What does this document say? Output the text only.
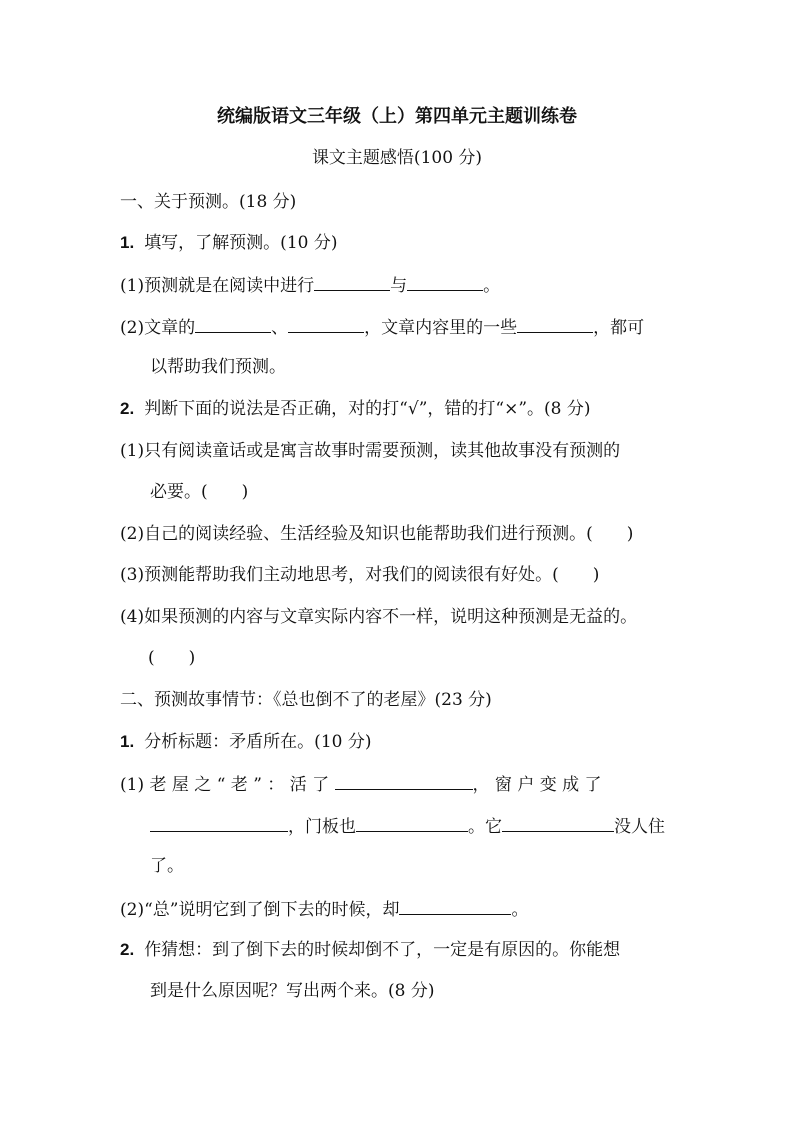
统编版语文三年级（上）第四单元主题训练卷
课文主题感悟(100 分)
一、关于预测。(18 分)
1. 填写，了解预测。(10 分)
(1)预测就是在阅读中进行	与	。
(2)文章的	、	，文章内容里的一些	，都可
以帮助我们预测。
2. 判断下面的说法是否正确，对的打“√”，错的打“×”。(8 分)
(1)只有阅读童话或是寓言故事时需要预测，读其他故事没有预测的
必要。(　　)
(2)自己的阅读经验、生活经验及知识也能帮助我们进行预测。(　　)
(3)预测能帮助我们主动地思考，对我们的阅读很有好处。(　　)
(4)如果预测的内容与文章实际内容不一样，说明这种预测是无益的。
(　　)
二、预测故事情节：《总也倒不了的老屋》(23 分)
1. 分析标题：矛盾所在。(10 分)
(1) 老 屋 之 “ 老 ” ： 活 了	， 窗 户 变 成 了
，门板也	。它	没人住
了。
(2)“总”说明它到了倒下去的时候，却	。
2. 作猜想：到了倒下去的时候却倒不了，一定是有原因的。你能想
到是什么原因呢？写出两个来。(8 分)
